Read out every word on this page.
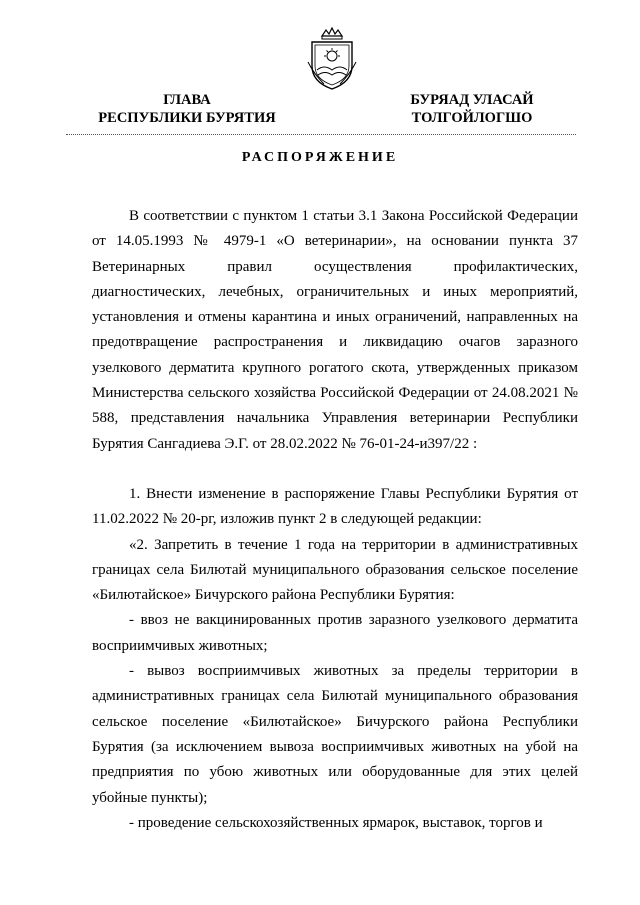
ГЛАВА
РЕСПУБЛИКИ БУРЯТИЯ
БУРЯАД УЛАСАЙ
ТОЛГОЙЛОГШО
РАСПОРЯЖЕНИЕ

В соответствии с пунктом 1 статьи 3.1 Закона Российской Федерации от 14.05.1993 № 4979-1 «О ветеринарии», на основании пункта 37 Ветеринарных правил осуществления профилактических, диагностических, лечебных, ограничительных и иных мероприятий, установления и отмены карантина и иных ограничений, направленных на предотвращение распространения и ликвидацию очагов заразного узелкового дерматита крупного рогатого скота, утвержденных приказом Министерства сельского хозяйства Российской Федерации от 24.08.2021 № 588, представления начальника Управления ветеринарии Республики Бурятия Сангадиева Э.Г. от 28.02.2022 № 76-01-24-и397/22 :

1. Внести изменение в распоряжение Главы Республики Бурятия от 11.02.2022 № 20-рг, изложив пункт 2 в следующей редакции:

«2. Запретить в течение 1 года на территории в административных границах села Билютай муниципального образования сельское поселение «Билютайское» Бичурского района Республики Бурятия:

- ввоз не вакцинированных против заразного узелкового дерматита восприимчивых животных;

- вывоз восприимчивых животных за пределы территории в административных границах села Билютай муниципального образования сельское поселение «Билютайское» Бичурского района Республики Бурятия (за исключением вывоза восприимчивых животных на убой на предприятия по убою животных или оборудованные для этих целей убойные пункты);

- проведение сельскохозяйственных ярмарок, выставок, торгов и
